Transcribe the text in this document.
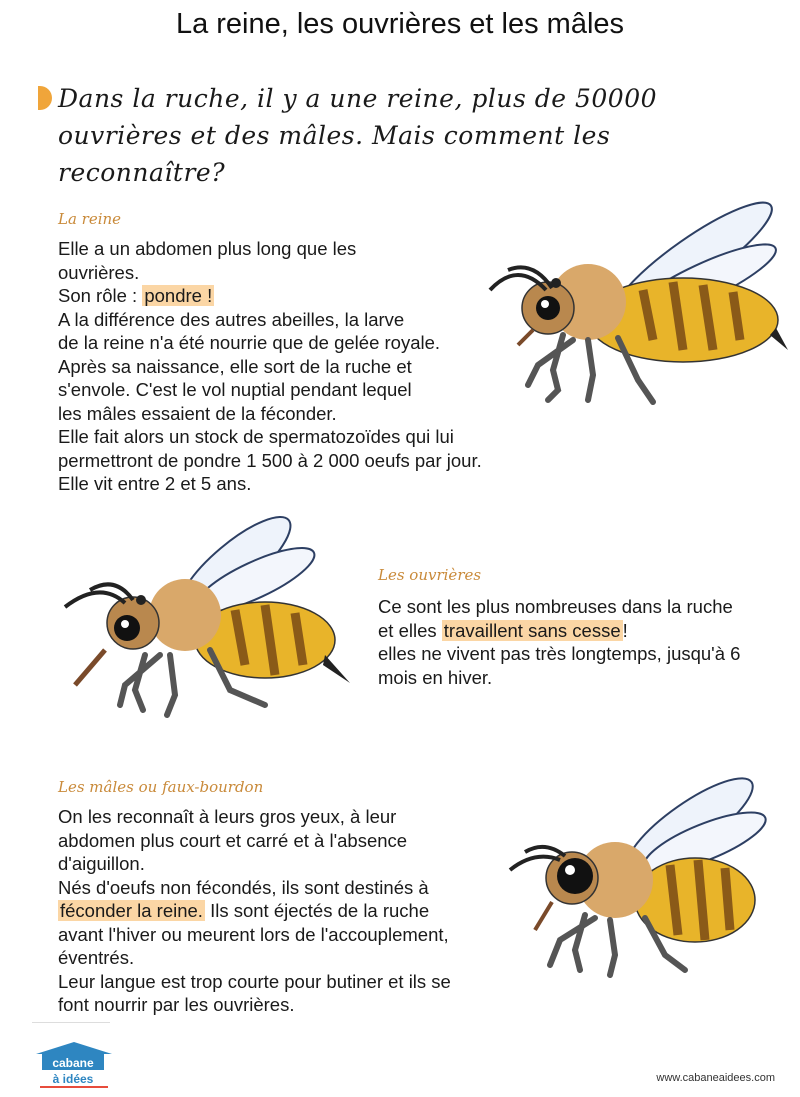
La reine, les ouvrières et les mâles
Dans la ruche, il y a une reine, plus de 50000 ouvrières et des mâles. Mais comment les reconnaître?
La reine
Elle a un abdomen plus long que les
ouvrières.
Son rôle : pondre !
A la différence des autres abeilles, la larve
de la reine n'a été nourrie que de gelée royale.
Après sa naissance, elle sort de la ruche et
s'envole. C'est le vol nuptial pendant lequel
les mâles essaient de la féconder.
Elle fait alors un stock de spermatozoïdes qui lui
permettront de pondre 1 500 à 2 000 oeufs par jour.
Elle vit entre 2 et 5 ans.
Les ouvrières
Ce sont les plus nombreuses dans la ruche
et elles travaillent sans cesse !
elles ne vivent pas très longtemps, jusqu'à 6
mois en hiver.
Les mâles ou faux-bourdon
On les reconnaît à leurs gros yeux, à leur
abdomen plus court et carré et à l'absence
d'aiguillon.
Nés d'oeufs non fécondés, ils sont destinés à
féconder la reine. Ils sont éjectés de la ruche
avant l'hiver ou meurent lors de l'accouplement,
éventrés.
Leur langue est trop courte pour butiner et ils se
font nourrir par les ouvrières.
cabane
à idées	www.cabaneaidees.com
